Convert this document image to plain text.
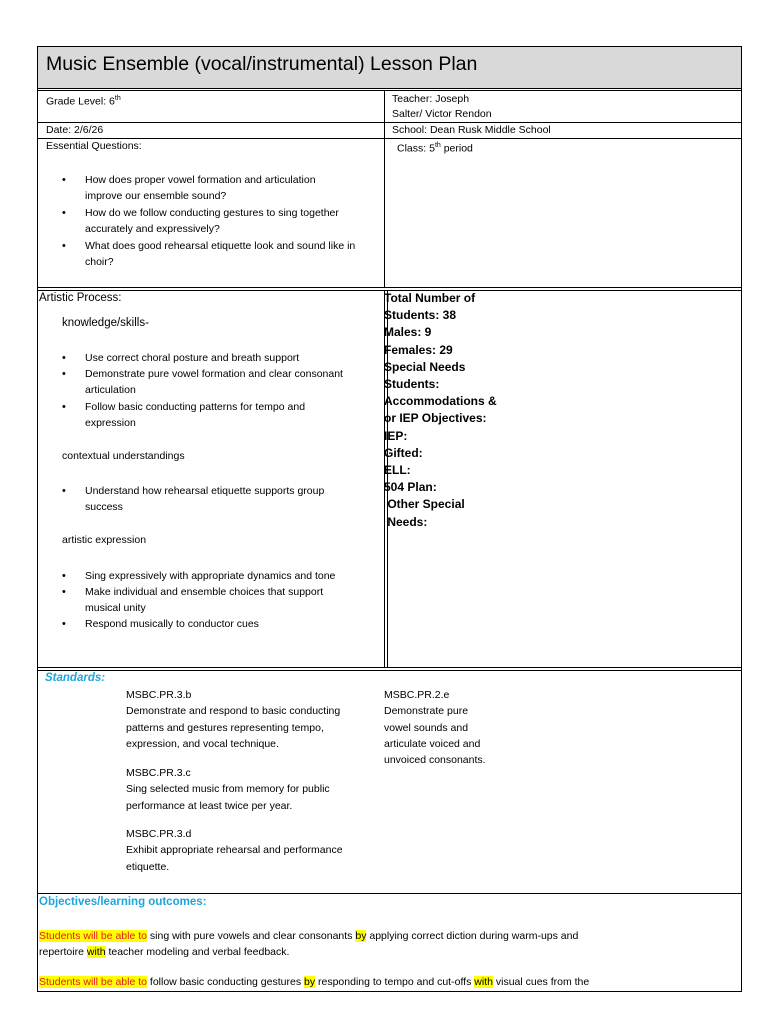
Music Ensemble (vocal/instrumental) Lesson Plan
Grade Level: 6th	Teacher: Joseph
Salter/ Victor Rendon
Date: 2/6/26	School: Dean Rusk Middle School
Essential Questions:	Class: 5th period
• How does proper vowel formation and articulation
improve our ensemble sound?
• How do we follow conducting gestures to sing together
accurately and expressively?
• What does good rehearsal etiquette look and sound like in
choir?
Artistic Process:
knowledge/skills-
• Use correct choral posture and breath support
• Demonstrate pure vowel formation and clear consonant
articulation
• Follow basic conducting patterns for tempo and
expression
contextual understandings
• Understand how rehearsal etiquette supports group
success
artistic expression
• Sing expressively with appropriate dynamics and tone
• Make individual and ensemble choices that support
musical unity
• Respond musically to conductor cues
Total Number of
Students: 38
Males: 9
Females: 29
Special Needs
Students:
Accommodations &
or IEP Objectives:
IEP:
Gifted:
ELL:
504 Plan:
Other Special
Needs:
Standards:
MSBC.PR.3.b
Demonstrate and respond to basic conducting
patterns and gestures representing tempo,
expression, and vocal technique.
MSBC.PR.3.c
Sing selected music from memory for public
performance at least twice per year.
MSBC.PR.3.d
Exhibit appropriate rehearsal and performance
etiquette.
MSBC.PR.2.e
Demonstrate pure
vowel sounds and
articulate voiced and
unvoiced consonants.
Objectives/learning outcomes:
Students will be able to sing with pure vowels and clear consonants by applying correct diction during warm-ups and
repertoire with teacher modeling and verbal feedback.
Students will be able to follow basic conducting gestures by responding to tempo and cut-offs with visual cues from the
